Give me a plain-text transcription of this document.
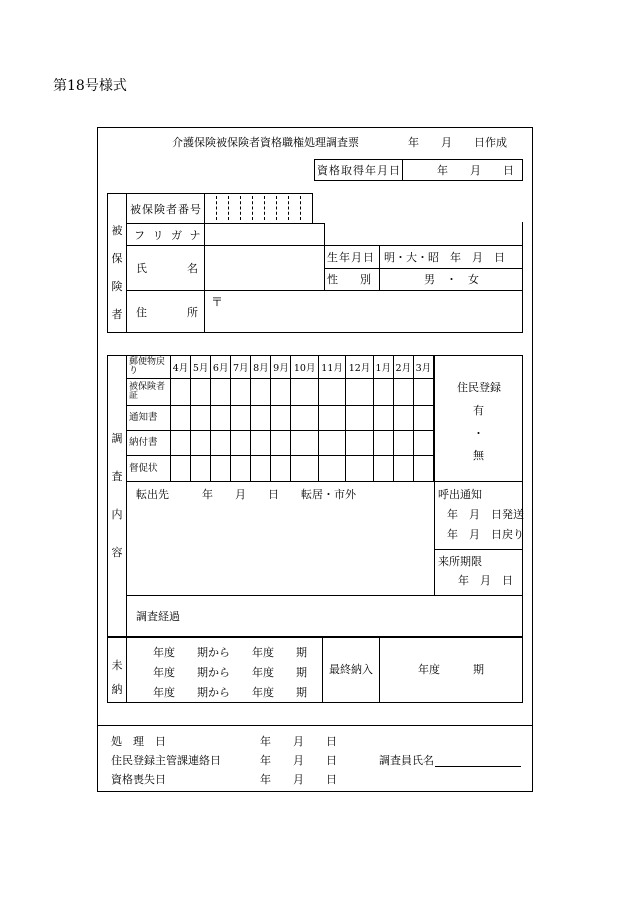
第18号様式
介護保険被保険者資格職権処理調査票	年　　月　　日作成
資格取得年月日	年　　月　　日
被
保
険
者
被保険者番号
フ リ ガ ナ
氏	名
生年月日 明・大・昭　年　月　日
性　　別	男　・　女
住	所
〒
調
査
内
容
郵便物戻り	4月	5月	6月	7月	8月	9月	10月	11月	12月	1月	2月	3月
被保険者証												
通知書												
納付書												
督促状												
住民登録
有
・
無
転出先　　　年　　月　　日　　転居・市外	呼出通知
年　月　日発送
年　月　日戻り
来所期限
年　月　日
調査経過
未
納
年度　　期から　　年度　　期
年度　　期から　　年度　　期
年度　　期から　　年度　　期
最終納入	年度　　　期
処　理　日	年　　月　　日
住民登録主管課連絡日	年　　月　　日	調査員氏名
資格喪失日	年　　月　　日
